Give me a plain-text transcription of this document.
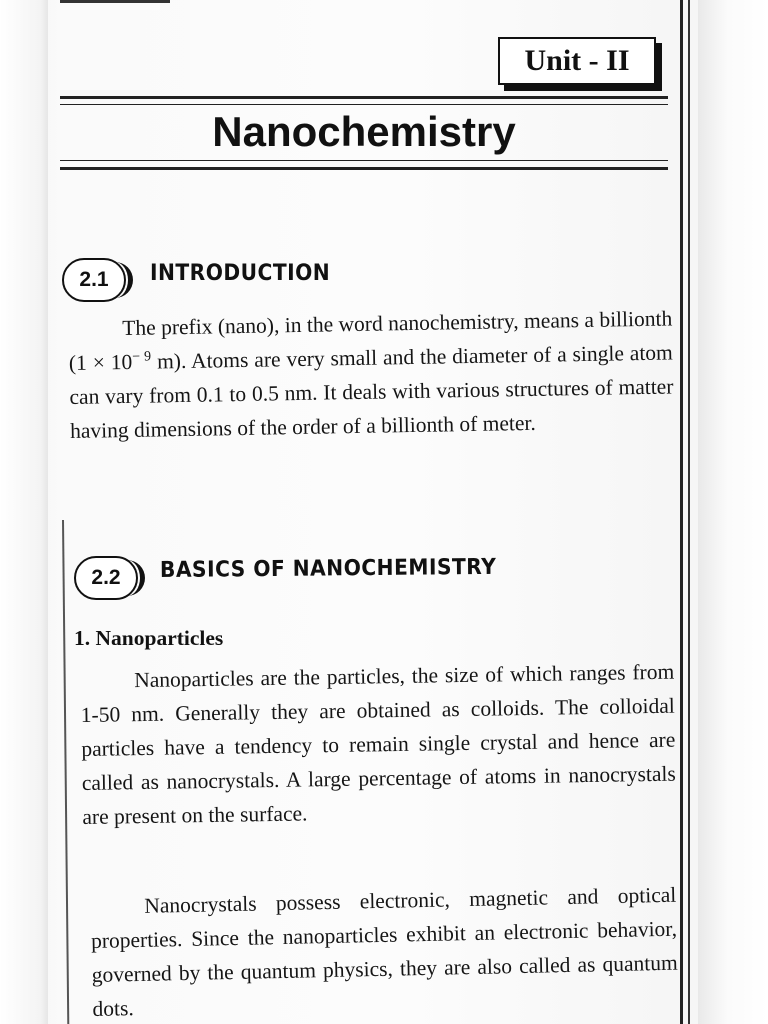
Unit - II
Nanochemistry
2.1 INTRODUCTION
The prefix (nano), in the word nanochemistry, means a billionth ($1 \times 10^{- 9}$ m). Atoms are very small and the diameter of a single atom can vary from 0.1 to 0.5 nm. It deals with various structures of matter having dimensions of the order of a billionth of meter.
2.2 BASICS OF NANOCHEMISTRY
1. Nanoparticles
Nanoparticles are the particles, the size of which ranges from 1-50 nm. Generally they are obtained as colloids. The colloidal particles have a tendency to remain single crystal and hence are called as nanocrystals. A large percentage of atoms in nanocrystals are present on the surface.
Nanocrystals possess electronic, magnetic and optical properties. Since the nanoparticles exhibit an electronic behavior, governed by the quantum physics, they are also called as quantum dots.
